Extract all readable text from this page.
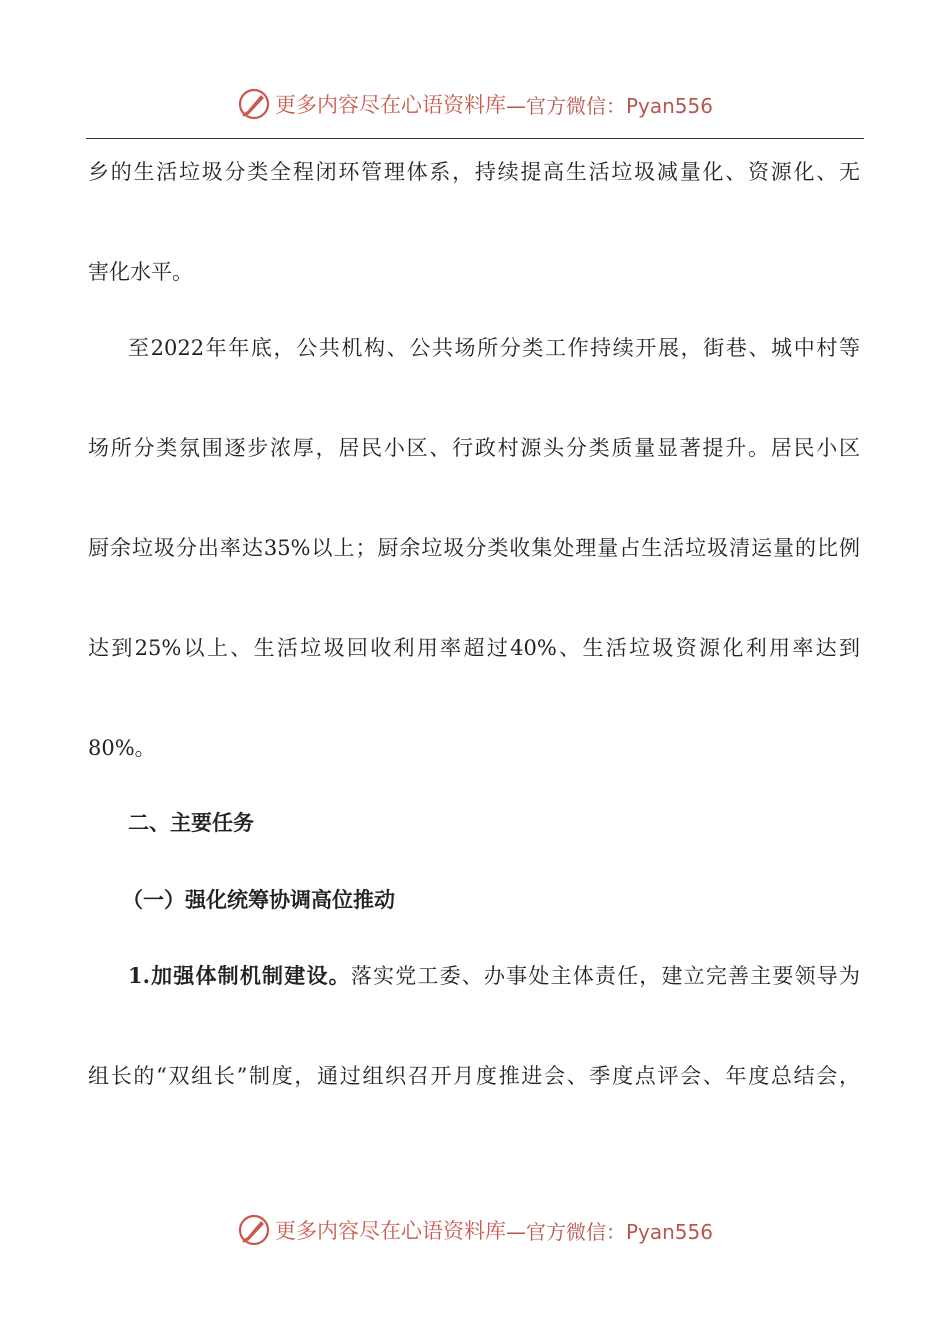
更多内容尽在心语资料库 —官方微信：Pyan556
乡的生活垃圾分类全程闭环管理体系，持续提高生活垃圾减量化、资源化、无
害化水平。
至2022年年底，公共机构、公共场所分类工作持续开展，街巷、城中村等
场所分类氛围逐步浓厚，居民小区、行政村源头分类质量显著提升。居民小区
厨余垃圾分出率达35%以上；厨余垃圾分类收集处理量占生活垃圾清运量的比例
达到25%以上、生活垃圾回收利用率超过40%、生活垃圾资源化利用率达到
80%。
二、主要任务
（一）强化统筹协调高位推动
1.加强体制机制建设。落实党工委、办事处主体责任，建立完善主要领导为
组长的“双组长”制度，通过组织召开月度推进会、季度点评会、年度总结会，
更多内容尽在心语资料库 —官方微信：Pyan556
